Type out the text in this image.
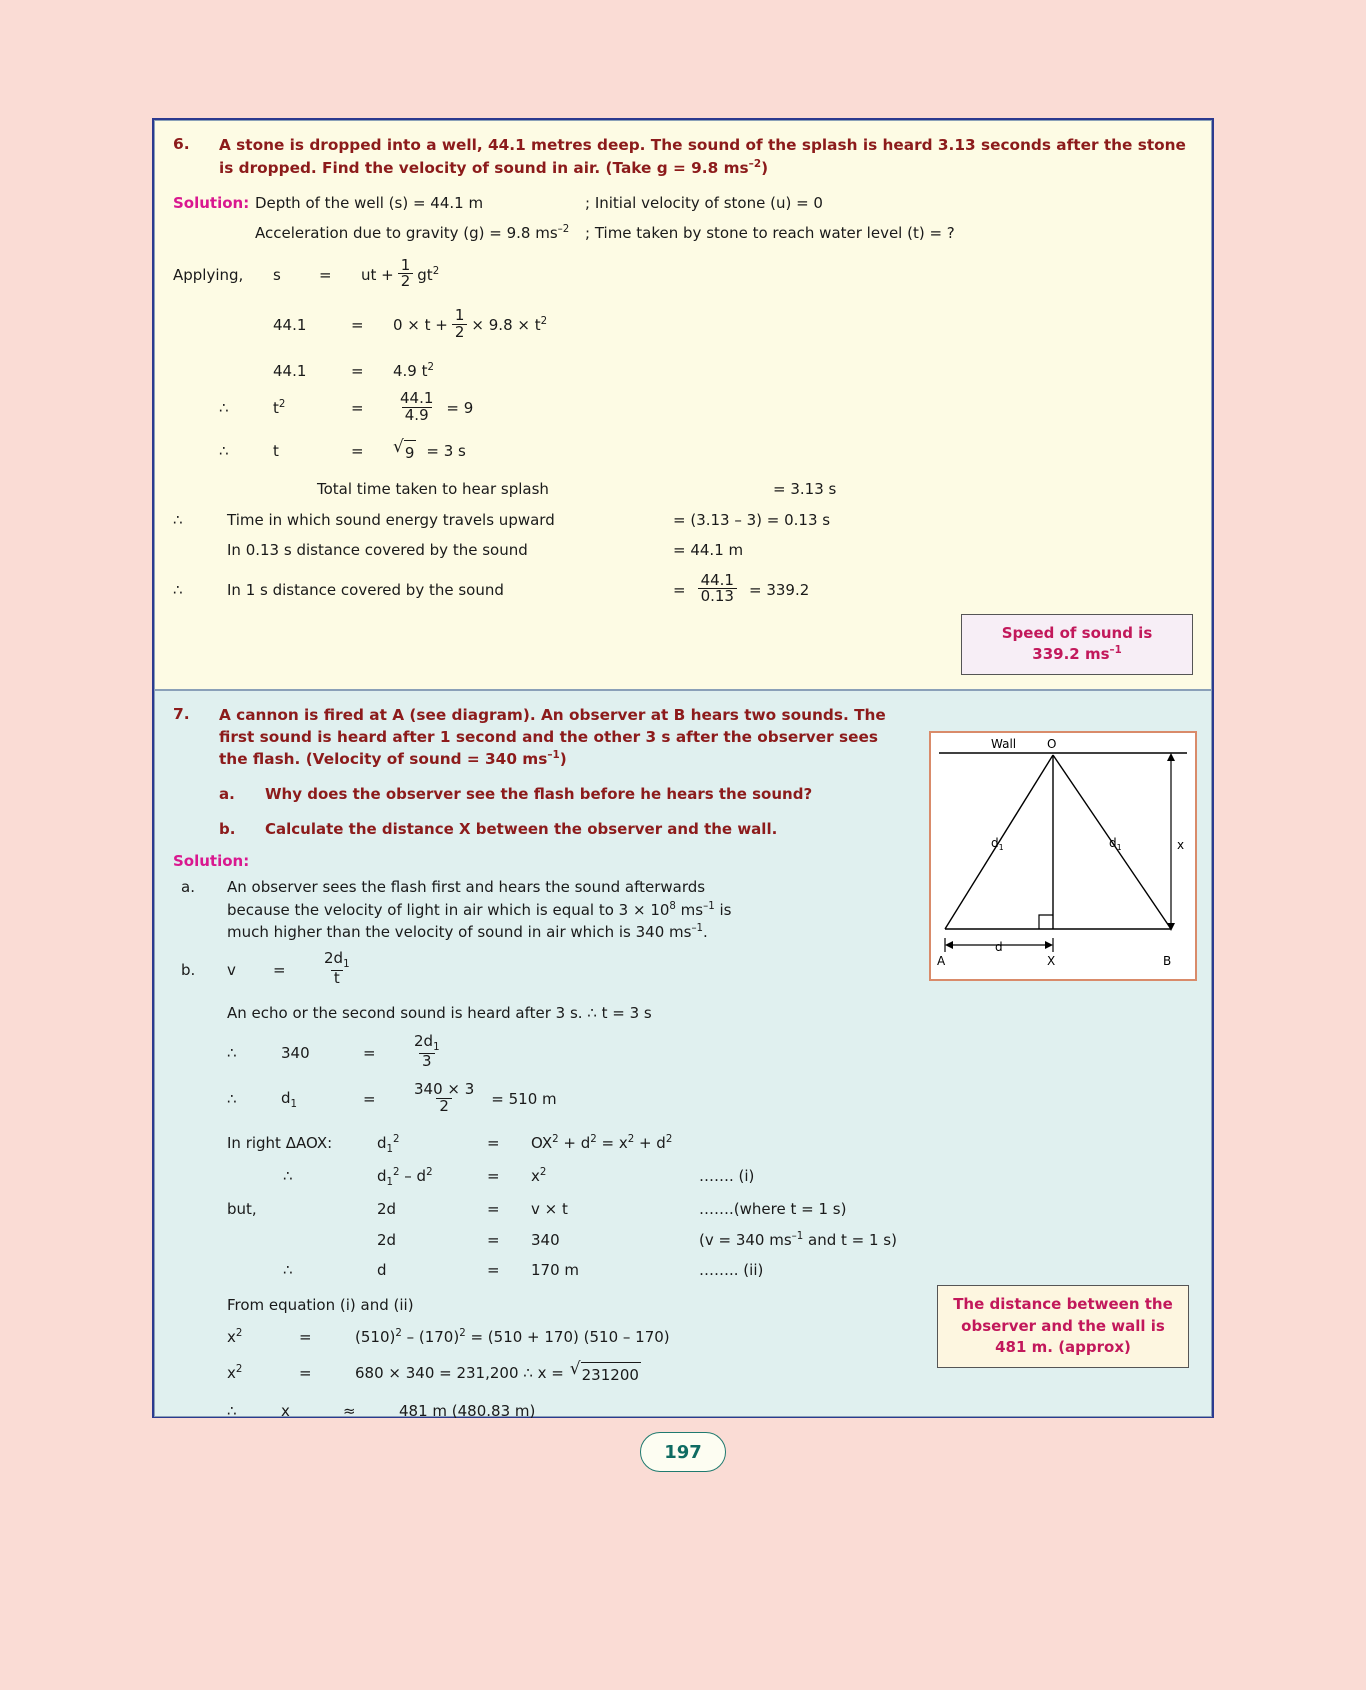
6. A stone is dropped into a well, 44.1 metres deep. The sound of the splash is heard 3.13 seconds after the stone is dropped. Find the velocity of sound in air. (Take g = 9.8 $ms^{-2}$)
Solution: Depth of the well (s) = 44.1 m	; Initial velocity of stone (u) = 0
Acceleration due to gravity (g) = 9.8 $ms^{-2}$	; Time taken by stone to reach water level (t) = ?
Applying,	s	=	ut + $\frac{1}{2} gt^2$
44.1	=	$0 \times t + \frac{1}{2} \times 9.8 \times t^2$
44.1	=	4.9 $t^2$
∴	$t^2$	=	$\frac{44.1}{4.9} = 9$
∴	t	=	√ 9 = 3 s
Total time taken to hear splash	= 3.13 s
∴	Time in which sound energy travels upward	= (3.13 – 3) = 0.13 s
In 0.13 s distance covered by the sound	= 44.1 m
∴	In 1 s distance covered by the sound	= $\frac{44.1}{0.13} = 339.2$
Speed of sound is
339.2 $ms^{-1}$
7. A cannon is fired at A (see diagram). An observer at B hears two sounds. The first sound is heard after 1 second and the other 3 s after the observer sees the flash. (Velocity of sound = 340 $ms^{-1}$)
Wall	O
A	B
X
d
$d_1$	$d_1$	x
a.	Why does the observer see the flash before he hears the sound?
b.	Calculate the distance X between the observer and the wall.
Solution:
a.	An observer sees the flash first and hears the sound afterwards
because the velocity of light in air which is equal to $3 \times 10^8$ $ms^{-1}$ is
much higher than the velocity of sound in air which is 340 $ms^{-1}$.
b.	v	=	$\frac{2d_1}{t}$
An echo or the second sound is heard after 3 s. ∴ t = 3 s
∴	340	=	$\frac{2d_1}{3}$
∴	$d_1$	=	$\frac{340 \times 3}{2} = 510$ m
In right ΔAOX:	$d_1^2$	=	$OX^2 + d^2 = x^2 + d^2$
∴	$d_1^2 - d^2$	=	$x^2$	……. (i)
but,	2d	=	v × t	…….(where t = 1 s)
2d	=	340	(v = 340 $ms^{-1}$ and t = 1 s)
∴	d	=	170 m	…….. (ii)
From equation (i) and (ii)
$x^2$	=	$(510)^2 - (170)^2 = (510 + 170)$ (510 – 170)
$x^2$	=	680 × 340 = 231,200 ∴ x = √ 231200
∴	x	≈	481 m (480.83 m)
The distance between the
observer and the wall is
481 m. (approx)
197
